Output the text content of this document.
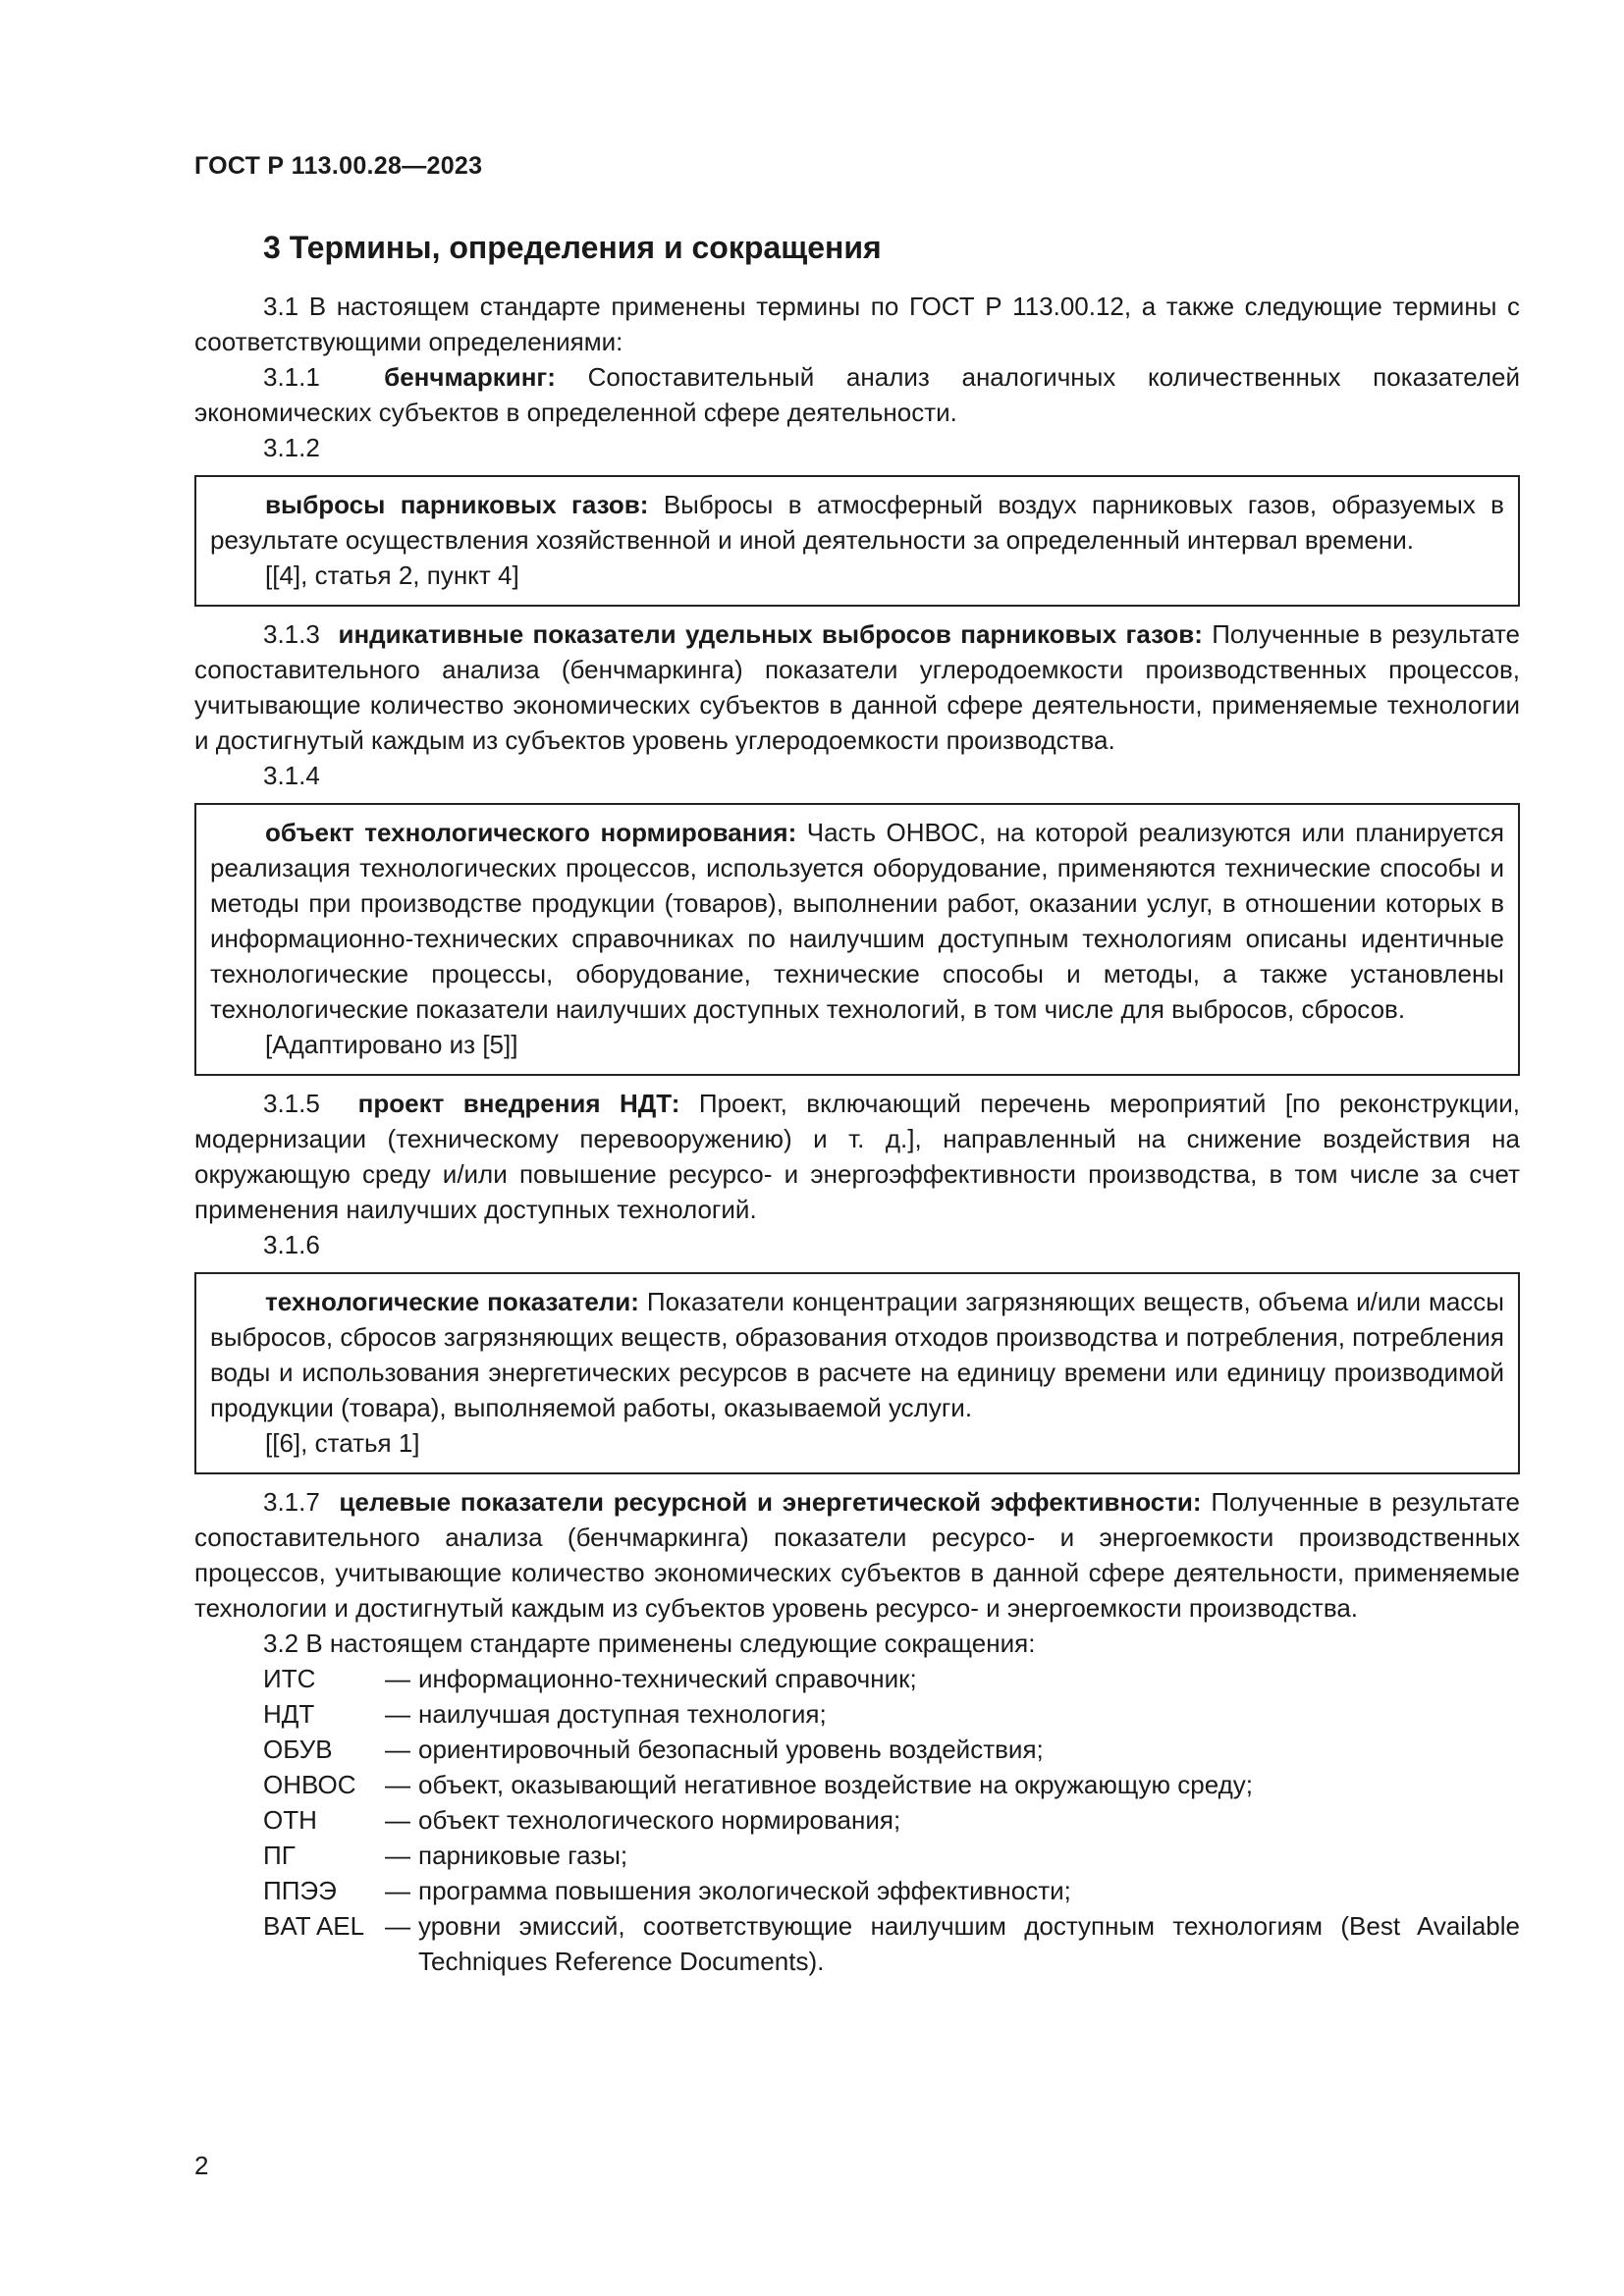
ГОСТ Р 113.00.28—2023
3 Термины, определения и сокращения

3.1 В настоящем стандарте применены термины по ГОСТ Р 113.00.12, а также следующие термины с соответствующими определениями:

3.1.1	бенчмаркинг: Сопоставительный анализ аналогичных количественных показателей экономических субъектов в определенной сфере деятельности.

3.1.2

выбросы парниковых газов: Выбросы в атмосферный воздух парниковых газов, образуемых в результате осуществления хозяйственной и иной деятельности за определенный интервал времени.

[[4], статья 2, пункт 4]

3.1.3 индикативные показатели удельных выбросов парниковых газов: Полученные в результате сопоставительного анализа (бенчмаркинга) показатели углеродоемкости производственных процессов, учитывающие количество экономических субъектов в данной сфере деятельности, применяемые технологии и достигнутый каждым из субъектов уровень углеродоемкости производства.

3.1.4

объект технологического нормирования: Часть ОНВОС, на которой реализуются или планируется реализация технологических процессов, используется оборудование, применяются технические способы и методы при производстве продукции (товаров), выполнении работ, оказании услуг, в отношении которых в информационно-технических справочниках по наилучшим доступным технологиям описаны идентичные технологические процессы, оборудование, технические способы и методы, а также установлены технологические показатели наилучших доступных технологий, в том числе для выбросов, сбросов.

[Адаптировано из [5]]

3.1.5 проект внедрения НДТ: Проект, включающий перечень мероприятий [по реконструкции, модернизации (техническому перевооружению) и т. д.], направленный на снижение воздействия на окружающую среду и/или повышение ресурсо- и энергоэффективности производства, в том числе за счет применения наилучших доступных технологий.

3.1.6

технологические показатели: Показатели концентрации загрязняющих веществ, объема и/или массы выбросов, сбросов загрязняющих веществ, образования отходов производства и потребления, потребления воды и использования энергетических ресурсов в расчете на единицу времени или единицу производимой продукции (товара), выполняемой работы, оказываемой услуги.

[[6], статья 1]

3.1.7 целевые показатели ресурсной и энергетической эффективности: Полученные в результате сопоставительного анализа (бенчмаркинга) показатели ресурсо- и энергоемкости производственных процессов, учитывающие количество экономических субъектов в данной сфере деятельности, применяемые технологии и достигнутый каждым из субъектов уровень ресурсо- и энергоемкости производства.

3.2 В настоящем стандарте применены следующие сокращения:

ИТС	— информационно-технический справочник;
НДТ	— наилучшая доступная технология;
ОБУВ	— ориентировочный безопасный уровень воздействия;
ОНВОС	— объект, оказывающий негативное воздействие на окружающую среду;
ОТН	— объект технологического нормирования;
ПГ	— парниковые газы;
ППЭЭ	— программа повышения экологической эффективности;
BAT AEL — уровни эмиссий, соответствующие наилучшим доступным технологиям (Best Available Techniques Reference Documents).
2
